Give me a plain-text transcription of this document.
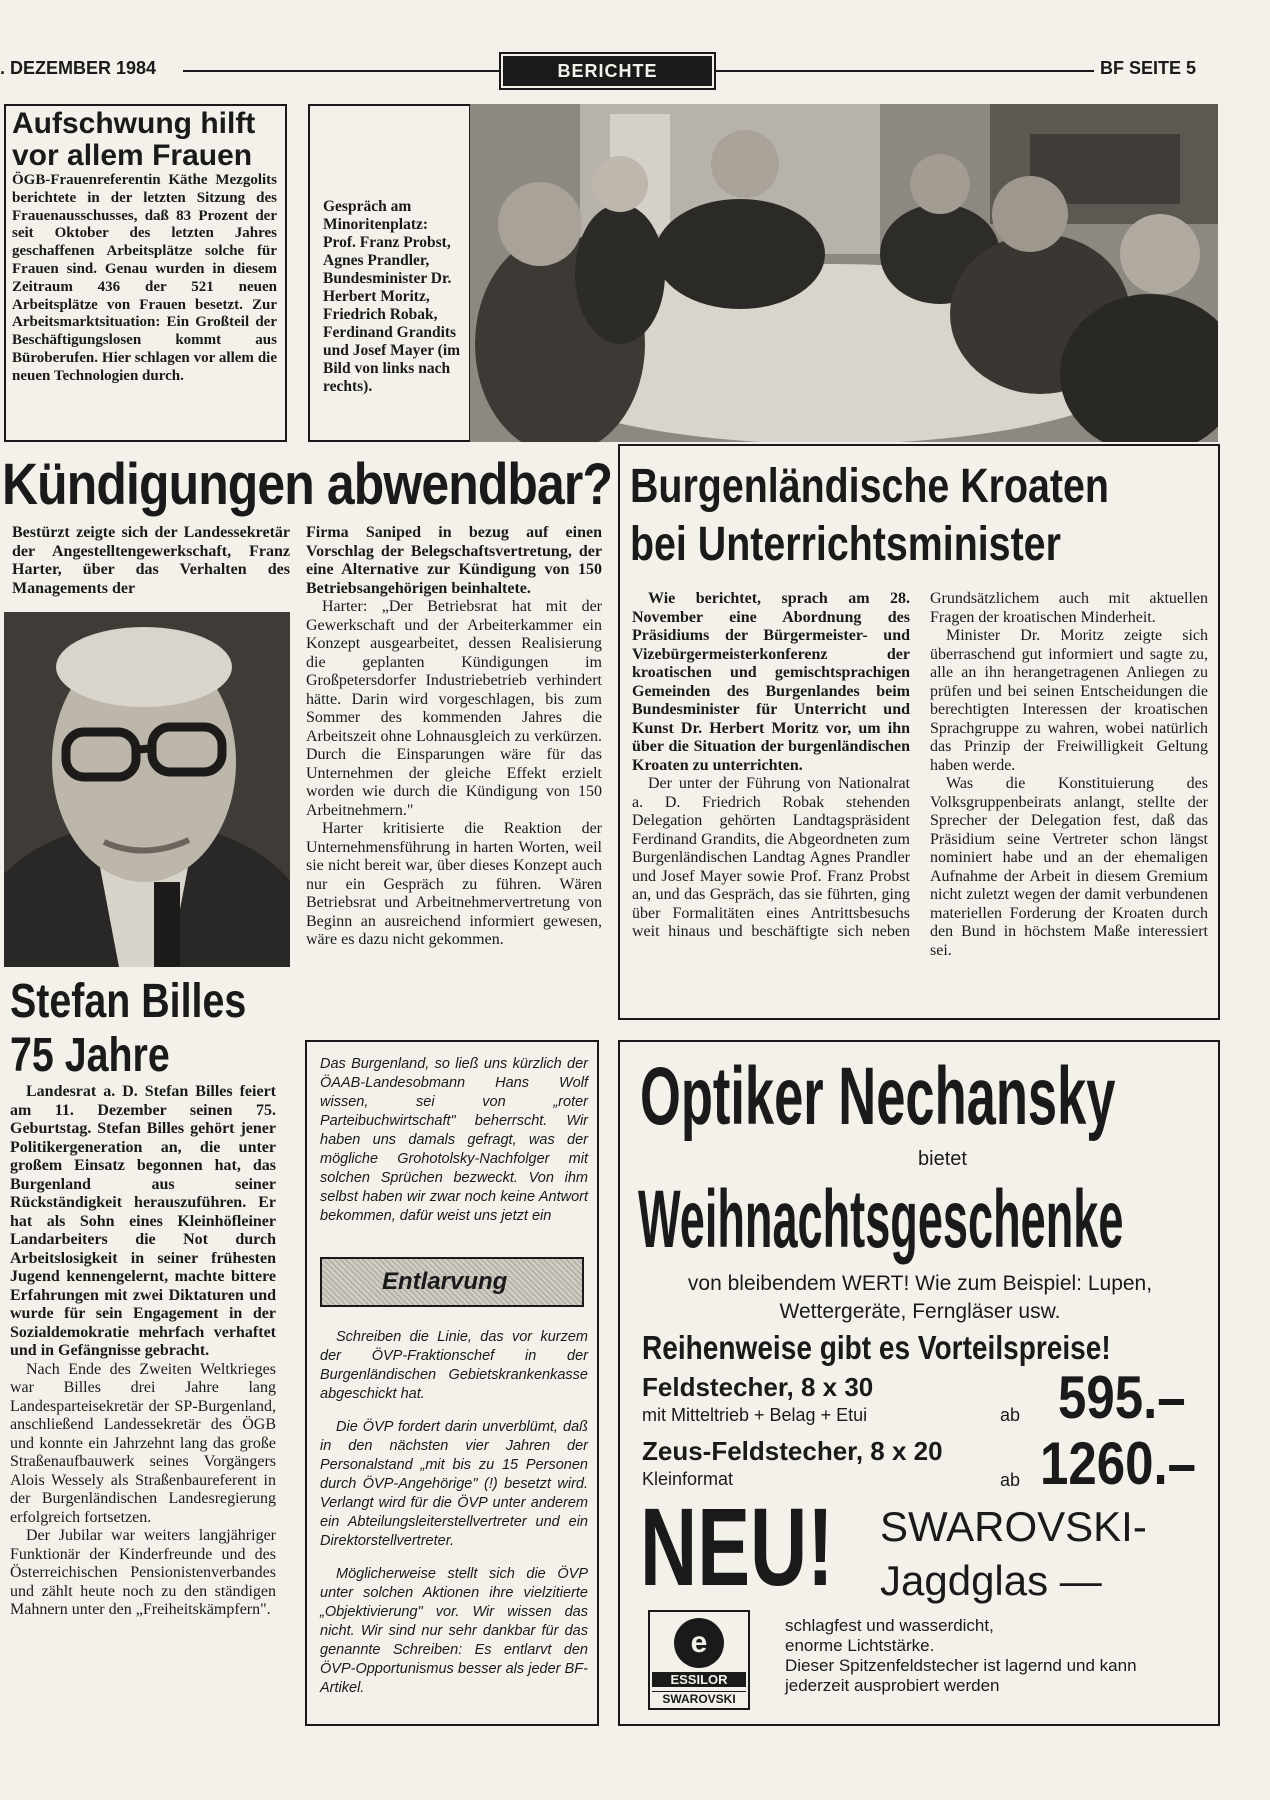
. DEZEMBER 1984	BERICHTE	BF SEITE 5
Aufschwung hilft
vor allem Frauen
ÖGB-Frauenreferentin Käthe Mezgolits berichtete in der letzten Sitzung des Frauenausschusses, daß 83 Prozent der seit Oktober des letzten Jahres geschaffenen Arbeitsplätze solche für Frauen sind. Genau wurden in diesem Zeitraum 436 der 521 neuen Arbeitsplätze von Frauen besetzt. Zur Arbeitsmarktsituation: Ein Großteil der Beschäftigungslosen kommt aus Büroberufen. Hier schlagen vor allem die neuen Technologien durch.
Gespräch am Minoritenplatz: Prof. Franz Probst, Agnes Prandler, Bundesminister Dr. Herbert Moritz, Friedrich Robak, Ferdinand Grandits und Josef Mayer (im Bild von links nach rechts).
Kündigungen abwendbar?
Bestürzt zeigte sich der Landessekretär der Angestelltengewerkschaft, Franz Harter, über das Verhalten des Managements der
Stefan Billes
75 Jahre

Landesrat a. D. Stefan Billes feiert am 11. Dezember seinen 75. Geburtstag. Stefan Billes gehört jener Politikergeneration an, die unter großem Einsatz begonnen hat, das Burgenland aus seiner Rückständigkeit herauszuführen. Er hat als Sohn eines Kleinhöfleiner Landarbeiters die Not durch Arbeitslosigkeit in seiner frühesten Jugend kennengelernt, machte bittere Erfahrungen mit zwei Diktaturen und wurde für sein Engagement in der Sozialdemokratie mehrfach verhaftet und in Gefängnisse gebracht.

Nach Ende des Zweiten Weltkrieges war Billes drei Jahre lang Landesparteisekretär der SP-Burgenland, anschließend Landessekretär des ÖGB und konnte ein Jahrzehnt lang das große Straßenaufbauwerk seines Vorgängers Alois Wessely als Straßenbaureferent in der Burgenländischen Landesregierung erfolgreich fortsetzen.

Der Jubilar war weiters langjähriger Funktionär der Kinderfreunde und des Österreichischen Pensionistenverbandes und zählt heute noch zu den ständigen Mahnern unter den „Freiheitskämpfern".

Firma Saniped in bezug auf einen Vorschlag der Belegschaftsvertretung, der eine Alternative zur Kündigung von 150 Betriebsangehörigen beinhaltete.

Harter: „Der Betriebsrat hat mit der Gewerkschaft und der Arbeiterkammer ein Konzept ausgearbeitet, dessen Realisierung die geplanten Kündigungen im Großpetersdorfer Industriebetrieb verhindert hätte. Darin wird vorgeschlagen, bis zum Sommer des kommenden Jahres die Arbeitszeit ohne Lohnausgleich zu verkürzen. Durch die Einsparungen wäre für das Unternehmen der gleiche Effekt erzielt worden wie durch die Kündigung von 150 Arbeitnehmern."

Harter kritisierte die Reaktion der Unternehmensführung in harten Worten, weil sie nicht bereit war, über dieses Konzept auch nur ein Gespräch zu führen. Wären Betriebsrat und Arbeitnehmervertretung von Beginn an ausreichend informiert gewesen, wäre es dazu nicht gekommen.

Burgenländische Kroaten
bei Unterrichtsminister

Wie berichtet, sprach am 28. November eine Abordnung des Präsidiums der Bürgermeister- und Vizebürgermeisterkonferenz der kroatischen und gemischtsprachigen Gemeinden des Burgenlandes beim Bundesminister für Unterricht und Kunst Dr. Herbert Moritz vor, um ihn über die Situation der burgenländischen Kroaten zu unterrichten.

Der unter der Führung von Nationalrat a. D. Friedrich Robak stehenden Delegation gehörten Landtagspräsident Ferdinand Grandits, die Abgeordneten zum Burgenländischen Landtag Agnes Prandler und Josef Mayer sowie Prof. Franz Probst an, und das Gespräch, das sie führten, ging über Formalitäten eines Antrittsbesuchs weit hinaus und beschäftigte sich neben Grundsätzlichem auch mit aktuellen Fragen der kroatischen Minderheit.

Minister Dr. Moritz zeigte sich überraschend gut informiert und sagte zu, alle an ihn herangetragenen Anliegen zu prüfen und bei seinen Entscheidungen die berechtigten Interessen der kroatischen Sprachgruppe zu wahren, wobei natürlich das Prinzip der Freiwilligkeit Geltung haben werde.

Was die Konstituierung des Volksgruppenbeirats anlangt, stellte der Sprecher der Delegation fest, daß das Präsidium seine Vertreter schon längst nominiert habe und an der ehemaligen Aufnahme der Arbeit in diesem Gremium nicht zuletzt wegen der damit verbundenen materiellen Forderung der Kroaten durch den Bund in höchstem Maße interessiert sei.

Das Burgenland, so ließ uns kürzlich der ÖAAB-Landesobmann Hans Wolf wissen, sei von „roter Parteibuchwirtschaft" beherrscht. Wir haben uns damals gefragt, was der mögliche Grohotolsky-Nachfolger mit solchen Sprüchen bezweckt. Von ihm selbst haben wir zwar noch keine Antwort bekommen, dafür weist uns jetzt ein
Entlarvung

Schreiben die Linie, das vor kurzem der ÖVP-Fraktionschef in der Burgenländischen Gebietskrankenkasse abgeschickt hat.

Die ÖVP fordert darin unverblümt, daß in den nächsten vier Jahren der Personalstand „mit bis zu 15 Personen durch ÖVP-Angehörige" (!) besetzt wird. Verlangt wird für die ÖVP unter anderem ein Abteilungsleiterstellvertreter und ein Direktorstellvertreter.

Möglicherweise stellt sich die ÖVP unter solchen Aktionen ihre vielzitierte „Objektivierung" vor. Wir wissen das nicht. Wir sind nur sehr dankbar für das genannte Schreiben: Es entlarvt den ÖVP-Opportunismus besser als jeder BF-Artikel.

Optiker Nechansky
bietet
Weihnachtsgeschenke
von bleibendem WERT! Wie zum Beispiel: Lupen,
Wettergeräte, Ferngläser usw.
Reihenweise gibt es Vorteilspreise!
Feldstecher, 8 x 30
mit Mitteltrieb + Belag + Etui	ab 595.–
Zeus-Feldstecher, 8 x 20
Kleinformat	ab 1260.–
NEU! SWAROVSKI-
Jagdglas —
e
ESSILOR
SWAROVSKI
schlagfest und wasserdicht,
enorme Lichtstärke.
Dieser Spitzenfeldstecher ist lagernd und kann
jederzeit ausprobiert werden
